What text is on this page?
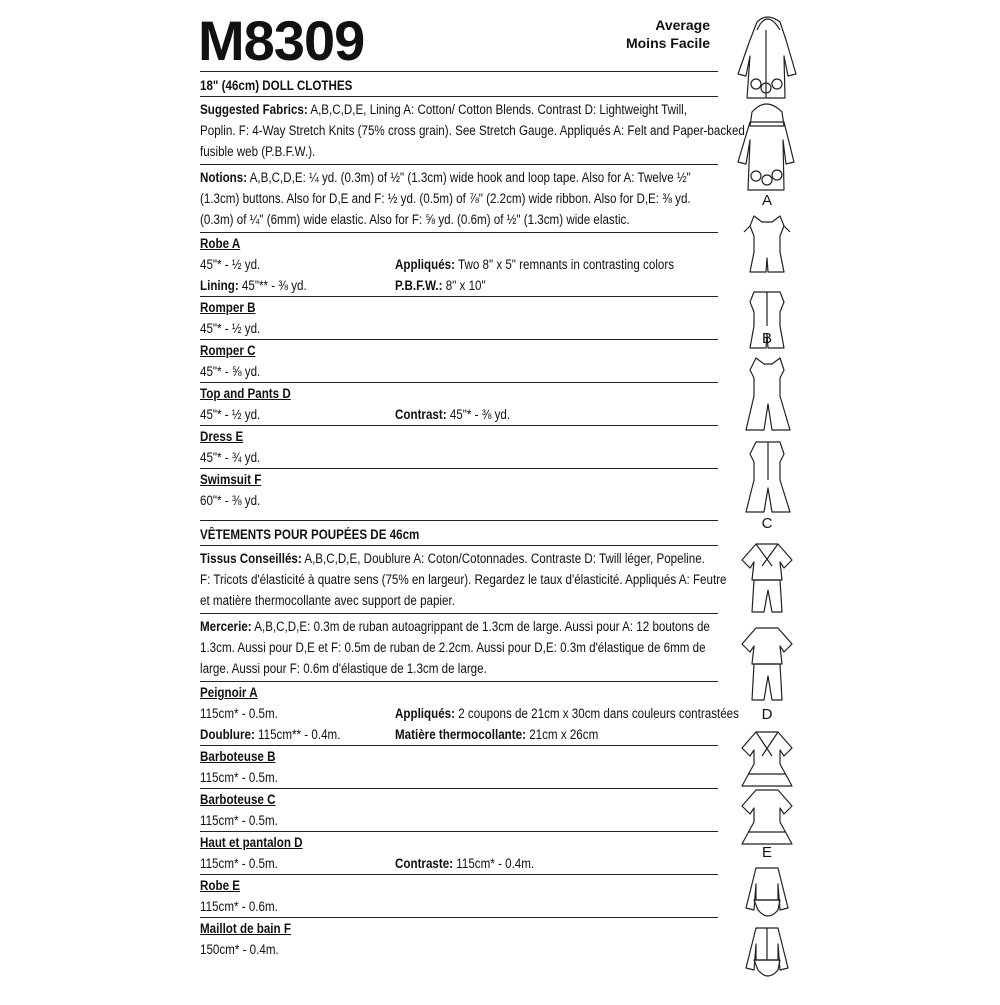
M8309	Average
Moins Facile
18" (46cm) DOLL CLOTHES
Suggested Fabrics: A,B,C,D,E, Lining A: Cotton/ Cotton Blends. Contrast D: Lightweight Twill,
Poplin. F: 4-Way Stretch Knits (75% cross grain). See Stretch Gauge. Appliqués A: Felt and Paper-backed
fusible web (P.B.F.W.).
Notions: A,B,C,D,E: ¼ yd. (0.3m) of ½" (1.3cm) wide hook and loop tape. Also for A: Twelve ½"
(1.3cm) buttons. Also for D,E and F: ½ yd. (0.5m) of ⅞" (2.2cm) wide ribbon. Also for D,E: ⅜ yd.
(0.3m) of ¼" (6mm) wide elastic. Also for F: ⅝ yd. (0.6m) of ½" (1.3cm) wide elastic.
Robe A
45"* - ½ yd.	Appliqués: Two 8" x 5" remnants in contrasting colors
Lining: 45"** - ⅜ yd.	P.B.F.W.: 8" x 10"
Romper B
45"* - ½ yd.
Romper C
45"* - ⅝ yd.
Top and Pants D
45"* - ½ yd.	Contrast: 45"* - ⅜ yd.
Dress E
45"* - ¾ yd.
Swimsuit F
60"* - ⅜ yd.
VÊTEMENTS POUR POUPÉES DE 46cm
Tissus Conseillés: A,B,C,D,E, Doublure A: Coton/Cotonnades. Contraste D: Twill léger, Popeline.
F: Tricots d'élasticité à quatre sens (75% en largeur). Regardez le taux d'élasticité. Appliqués A: Feutre
et matière thermocollante avec support de papier.
Mercerie: A,B,C,D,E: 0.3m de ruban autoagrippant de 1.3cm de large. Aussi pour A: 12 boutons de
1.3cm. Aussi pour D,E et F: 0.5m de ruban de 2.2cm. Aussi pour D,E: 0.3m d'élastique de 6mm de
large. Aussi pour F: 0.6m d'élastique de 1.3cm de large.
Peignoir A
115cm* - 0.5m.	Appliqués: 2 coupons de 21cm x 30cm dans couleurs contrastées
Doublure: 115cm** - 0.4m.	Matière thermocollante: 21cm x 26cm
Barboteuse B
115cm* - 0.5m.
Barboteuse C
115cm* - 0.5m.
Haut et pantalon D
115cm* - 0.5m.	Contraste: 115cm* - 0.4m.
Robe E
115cm* - 0.6m.
Maillot de bain F
150cm* - 0.4m.
A
B
C
D
E
